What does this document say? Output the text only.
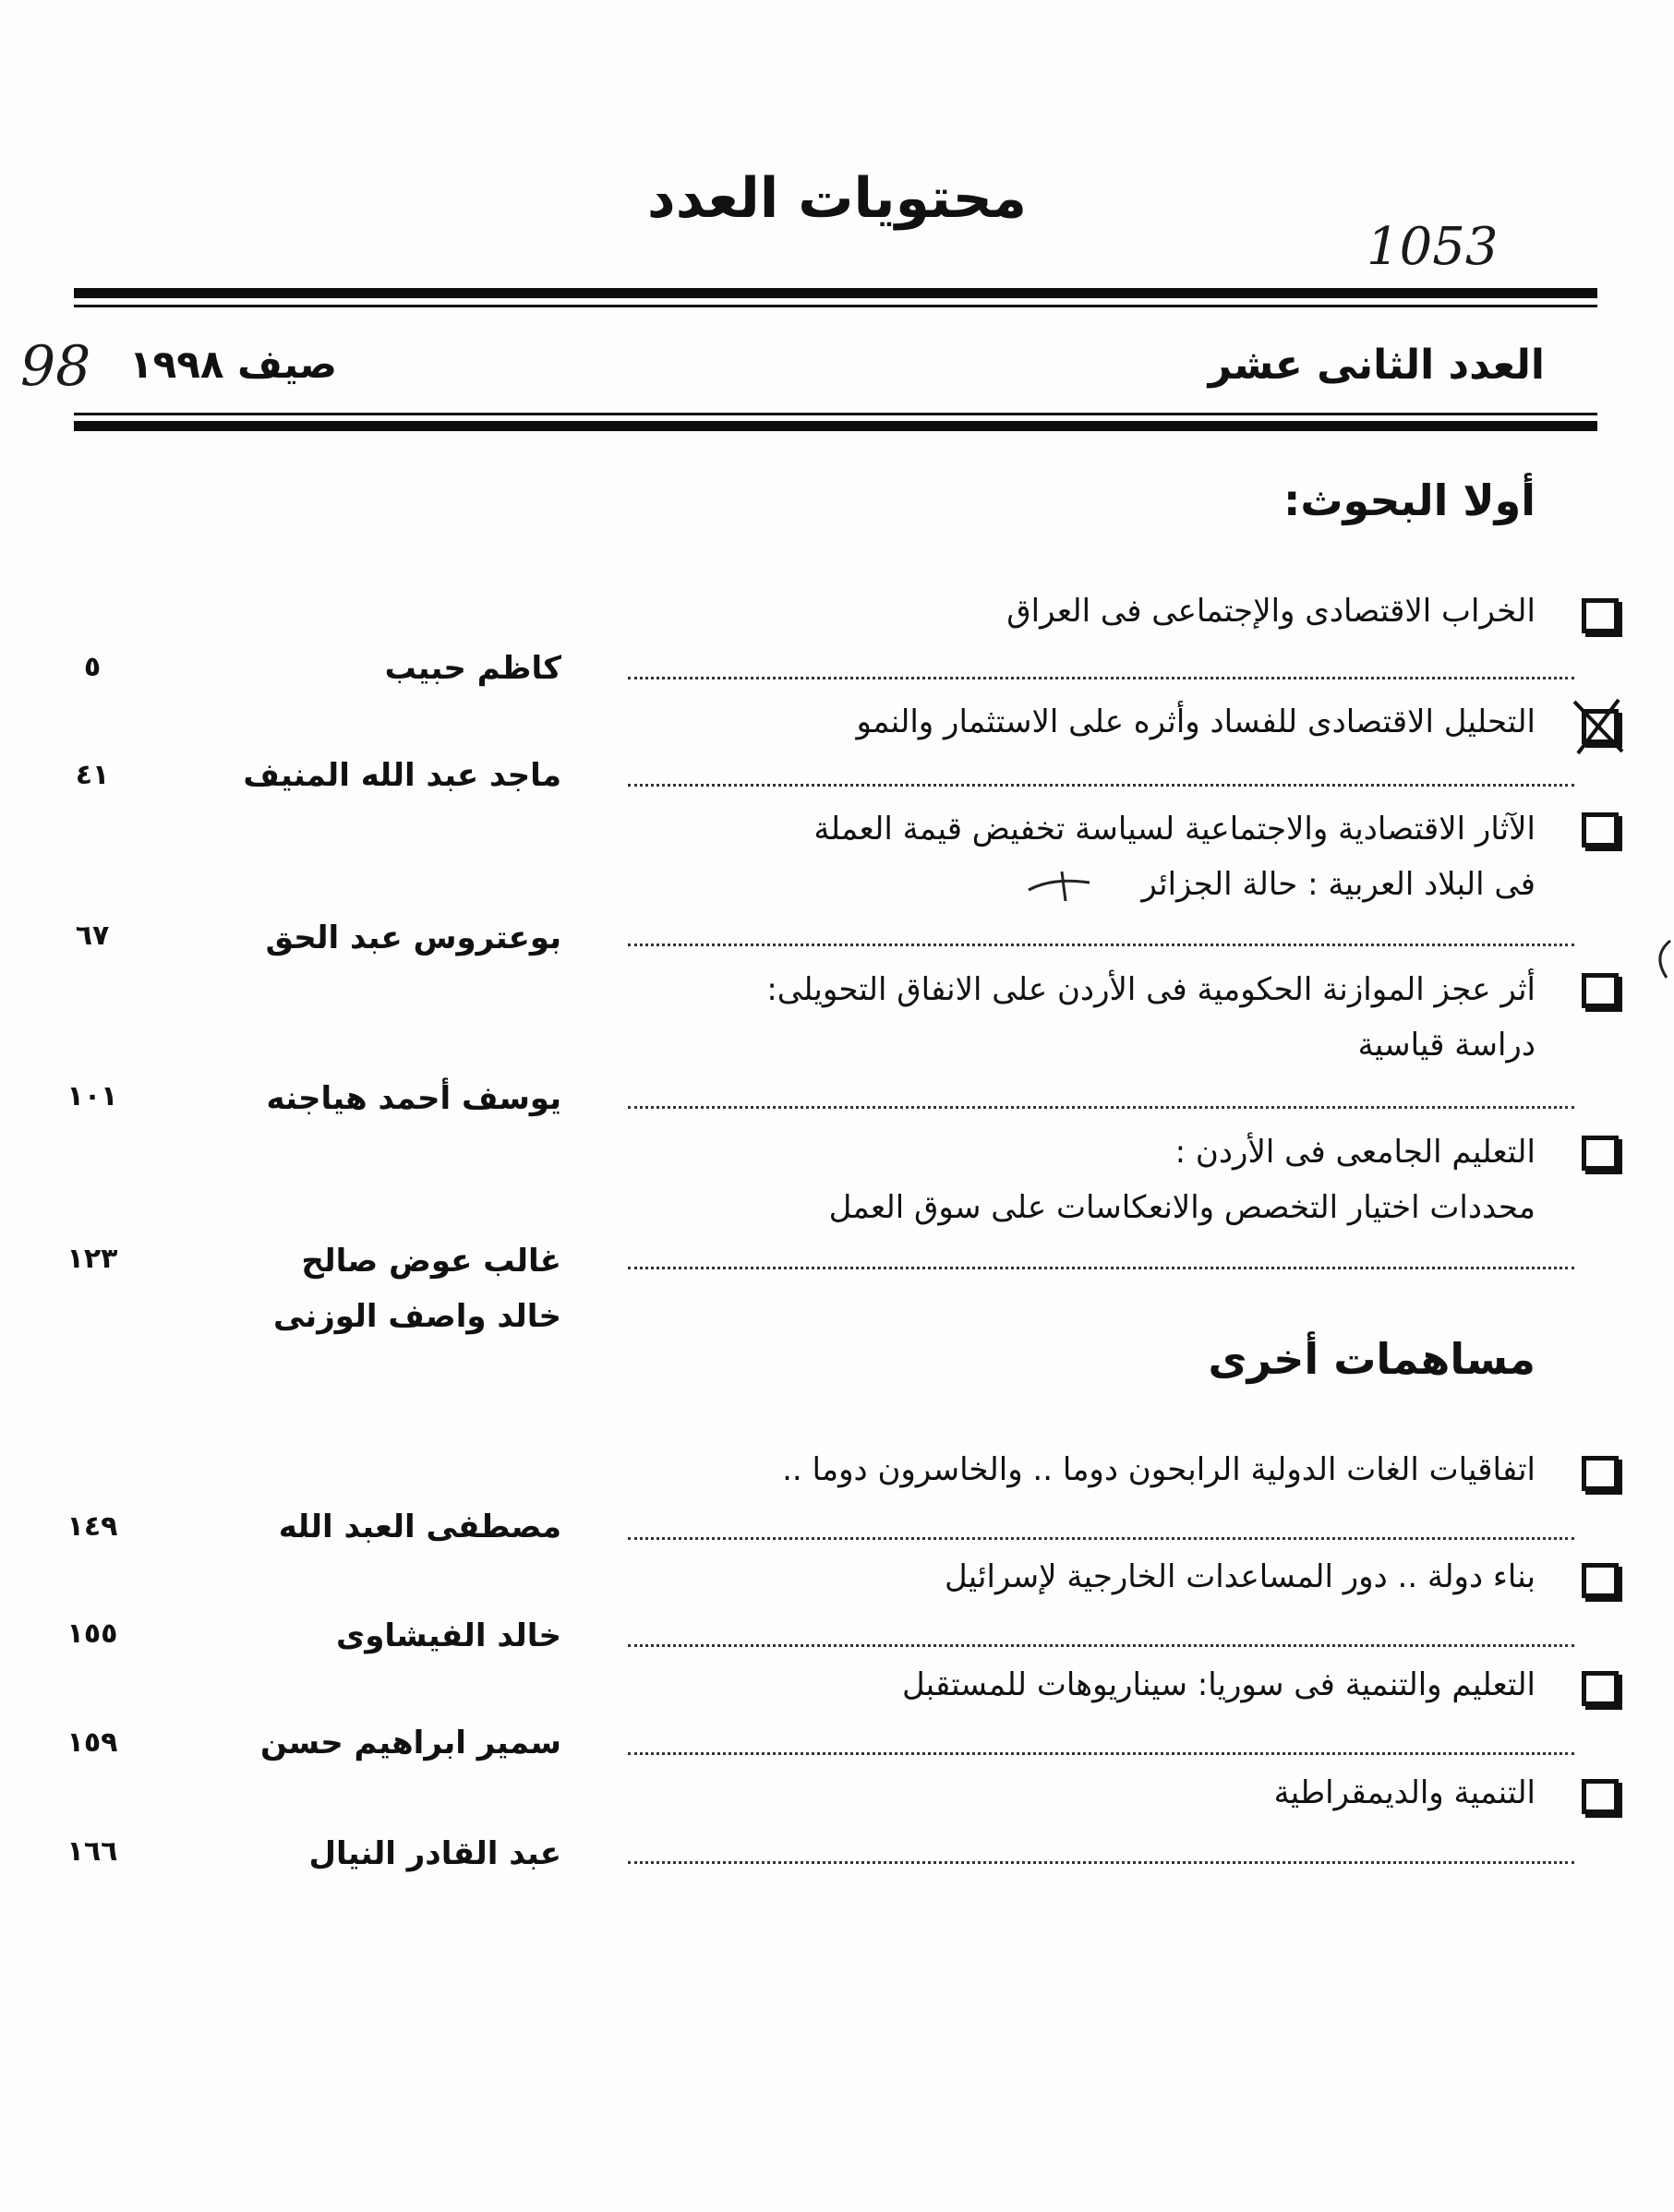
محتويات العدد
1053
العدد الثانى عشر
صيف ١٩٩٨
98
أولا البحوث:
الخراب الاقتصادى والإجتماعى فى العراق
كاظم حبيب
٥
التحليل الاقتصادى للفساد وأثره على الاستثمار والنمو
ماجد عبد الله المنيف
٤١
الآثار الاقتصادية والاجتماعية لسياسة تخفيض قيمة العملة
فى البلاد العربية : حالة الجزائر
بوعتروس عبد الحق
٦٧
أثر عجز الموازنة الحكومية فى الأردن على الانفاق التحويلى:
دراسة قياسية
يوسف أحمد هياجنه
١٠١
التعليم الجامعى فى الأردن :
محددات اختيار التخصص والانعكاسات على سوق العمل
غالب عوض صالح
خالد واصف الوزنى
١٢٣
مساهمات أخرى
اتفاقيات الغات الدولية الرابحون دوما .. والخاسرون دوما ..
مصطفى العبد الله
١٤٩
بناء دولة .. دور المساعدات الخارجية لإسرائيل
خالد الفيشاوى
١٥٥
التعليم والتنمية فى سوريا: سيناريوهات للمستقبل
سمير ابراهيم حسن
١٥٩
التنمية والديمقراطية
عبد القادر النيال
١٦٦
